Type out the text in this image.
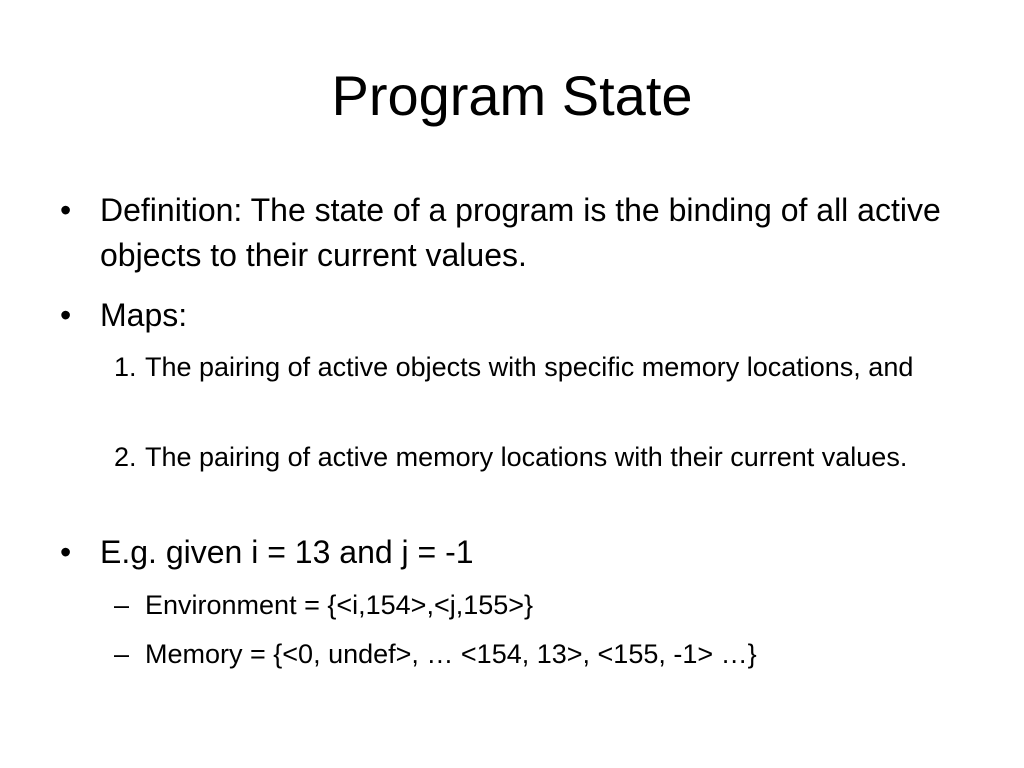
Program State
• Definition: The state of a program is the binding of all active objects to their current values.
• Maps:
1. The pairing of active objects with specific memory locations, and
2. The pairing of active memory locations with their current values.
• E.g. given i = 13 and j = -1
– Environment = {<i,154>,<j,155>}
– Memory = {<0, undef>, … <154, 13>, <155, -1> …}
